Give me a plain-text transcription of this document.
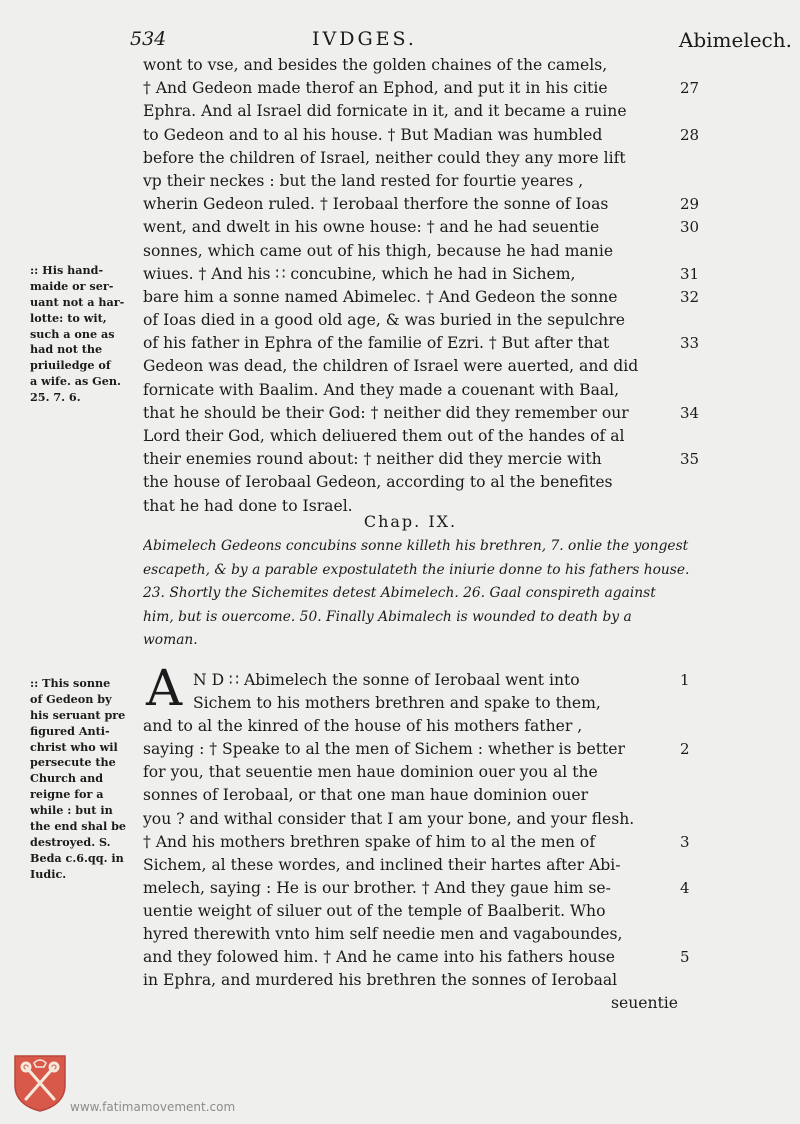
534	IVDGES.	Abimelech.
wont to vse, and besides the golden chaines of the camels,
† And Gedeon made therof an Ephod, and put it in his citie
Ephra. And al Israel did fornicate in it, and it became a ruine
to Gedeon and to al his house. † But Madian was humbled
before the children of Israel, neither could they any more lift
vp their neckes : but the land rested for fourtie yeares ,
wherin Gedeon ruled. † Ierobaal therfore the sonne of Ioas
went, and dwelt in his owne house: † and he had seuentie
sonnes, which came out of his thigh, because he had manie
wiues. † And his ∷ concubine, which he had in Sichem,
bare him a sonne named Abimelec. † And Gedeon the sonne
of Ioas died in a good old age, & was buried in the sepulchre
of his father in Ephra of the familie of Ezri. † But after that
Gedeon was dead, the children of Israel were auerted, and did
fornicate with Baalim. And they made a couenant with Baal,
that he should be their God: † neither did they remember our
Lord their God, which deliuered them out of the handes of al
their enemies round about: † neither did they mercie with
the house of Ierobaal Gedeon, according to al the benefites
that he had done to Israel.
27
28
29
30
31
32
33
34
35
:: His hand-
maide or ser-
uant not a har-
lotte: to wit,
such a one as
had not the
priuiledge of
a wife. as Gen.
25. 7. 6.
Chap. IX.
Abimelech Gedeons concubins sonne killeth his brethren, 7. onlie the yongest
escapeth, & by a parable expostulateth the iniurie donne to his fathers house.
23. Shortly the Sichemites detest Abimelech. 26. Gaal conspireth against
him, but is ouercome. 50. Finally Abimalech is wounded to death by a
woman.
A N D ∷ Abimelech the sonne of Ierobaal went into
Sichem to his mothers brethren and spake to them,
and to al the kinred of the house of his mothers father ,
saying : † Speake to al the men of Sichem : whether is better
for you, that seuentie men haue dominion ouer you al the
sonnes of Ierobaal, or that one man haue dominion ouer
you ? and withal consider that I am your bone, and your flesh.
† And his mothers brethren spake of him to al the men of
Sichem, al these wordes, and inclined their hartes after Abi-
melech, saying : He is our brother. † And they gaue him se-
uentie weight of siluer out of the temple of Baalberit. Who
hyred therewith vnto him self needie men and vagaboundes,
and they folowed him. † And he came into his fathers house
in Ephra, and murdered his brethren the sonnes of Ierobaal
seuentie
1
2
3
4
5
:: This sonne
of Gedeon by
his seruant pre
figured Anti-
christ who wil
persecute the
Church and
reigne for a
while : but in
the end shal be
destroyed. S.
Beda c.6.qq. in
Iudic.
www.fatimamovement.com
